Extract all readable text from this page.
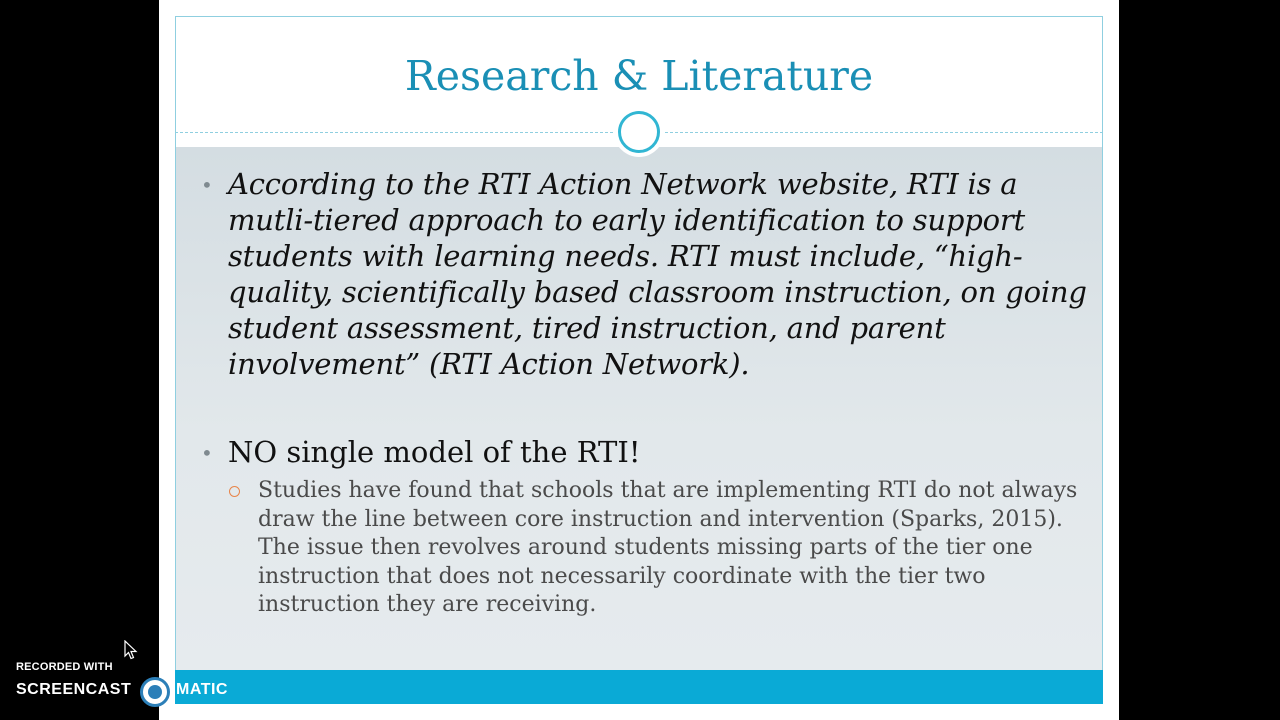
Research & Literature
• According to the RTI Action Network website, RTI is a mutli-tiered approach to early identification to support students with learning needs. RTI must include, “high-quality, scientifically based classroom instruction, on going student assessment, tired instruction, and parent involvement” (RTI Action Network).

• NO single model of the RTI!

Studies have found that schools that are implementing RTI do not always draw the line between core instruction and intervention (Sparks, 2015). The issue then revolves around students missing parts of the tier one instruction that does not necessarily coordinate with the tier two instruction they are receiving.

RECORDED WITH
SCREENCAST	MATIC
